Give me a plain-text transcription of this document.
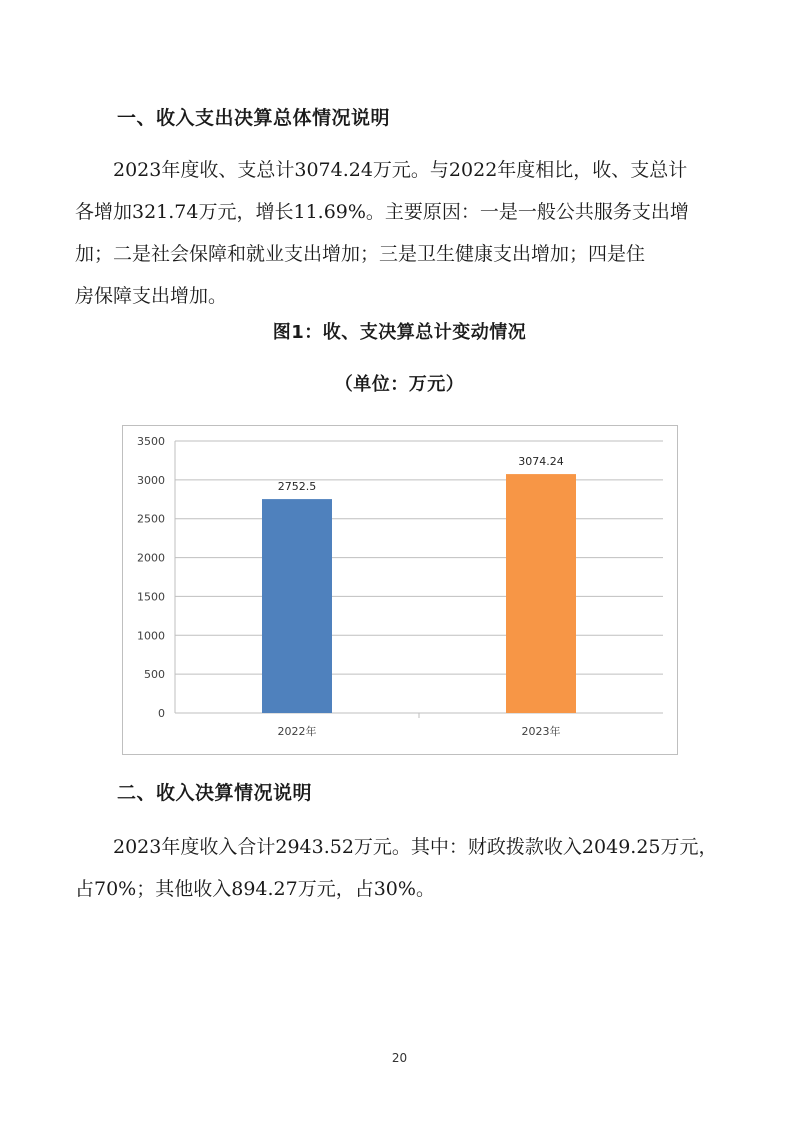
一、收入支出决算总体情况说明
2023年度收、支总计3074.24万元。与2022年度相比，收、支总计
各增加321.74万元，增长11.69%。主要原因：一是一般公共服务支出增
加；二是社会保障和就业支出增加；三是卫生健康支出增加；四是住
房保障支出增加。
图1：收、支决算总计变动情况
（单位：万元）
0
500
1000
1500
2000
2500
3000
3500
2752.5
2022年
3074.24
2023年
二、收入决算情况说明
2023年度收入合计2943.52万元。其中：财政拨款收入2049.25万元，
占70%；其他收入894.27万元，占30%。
20
